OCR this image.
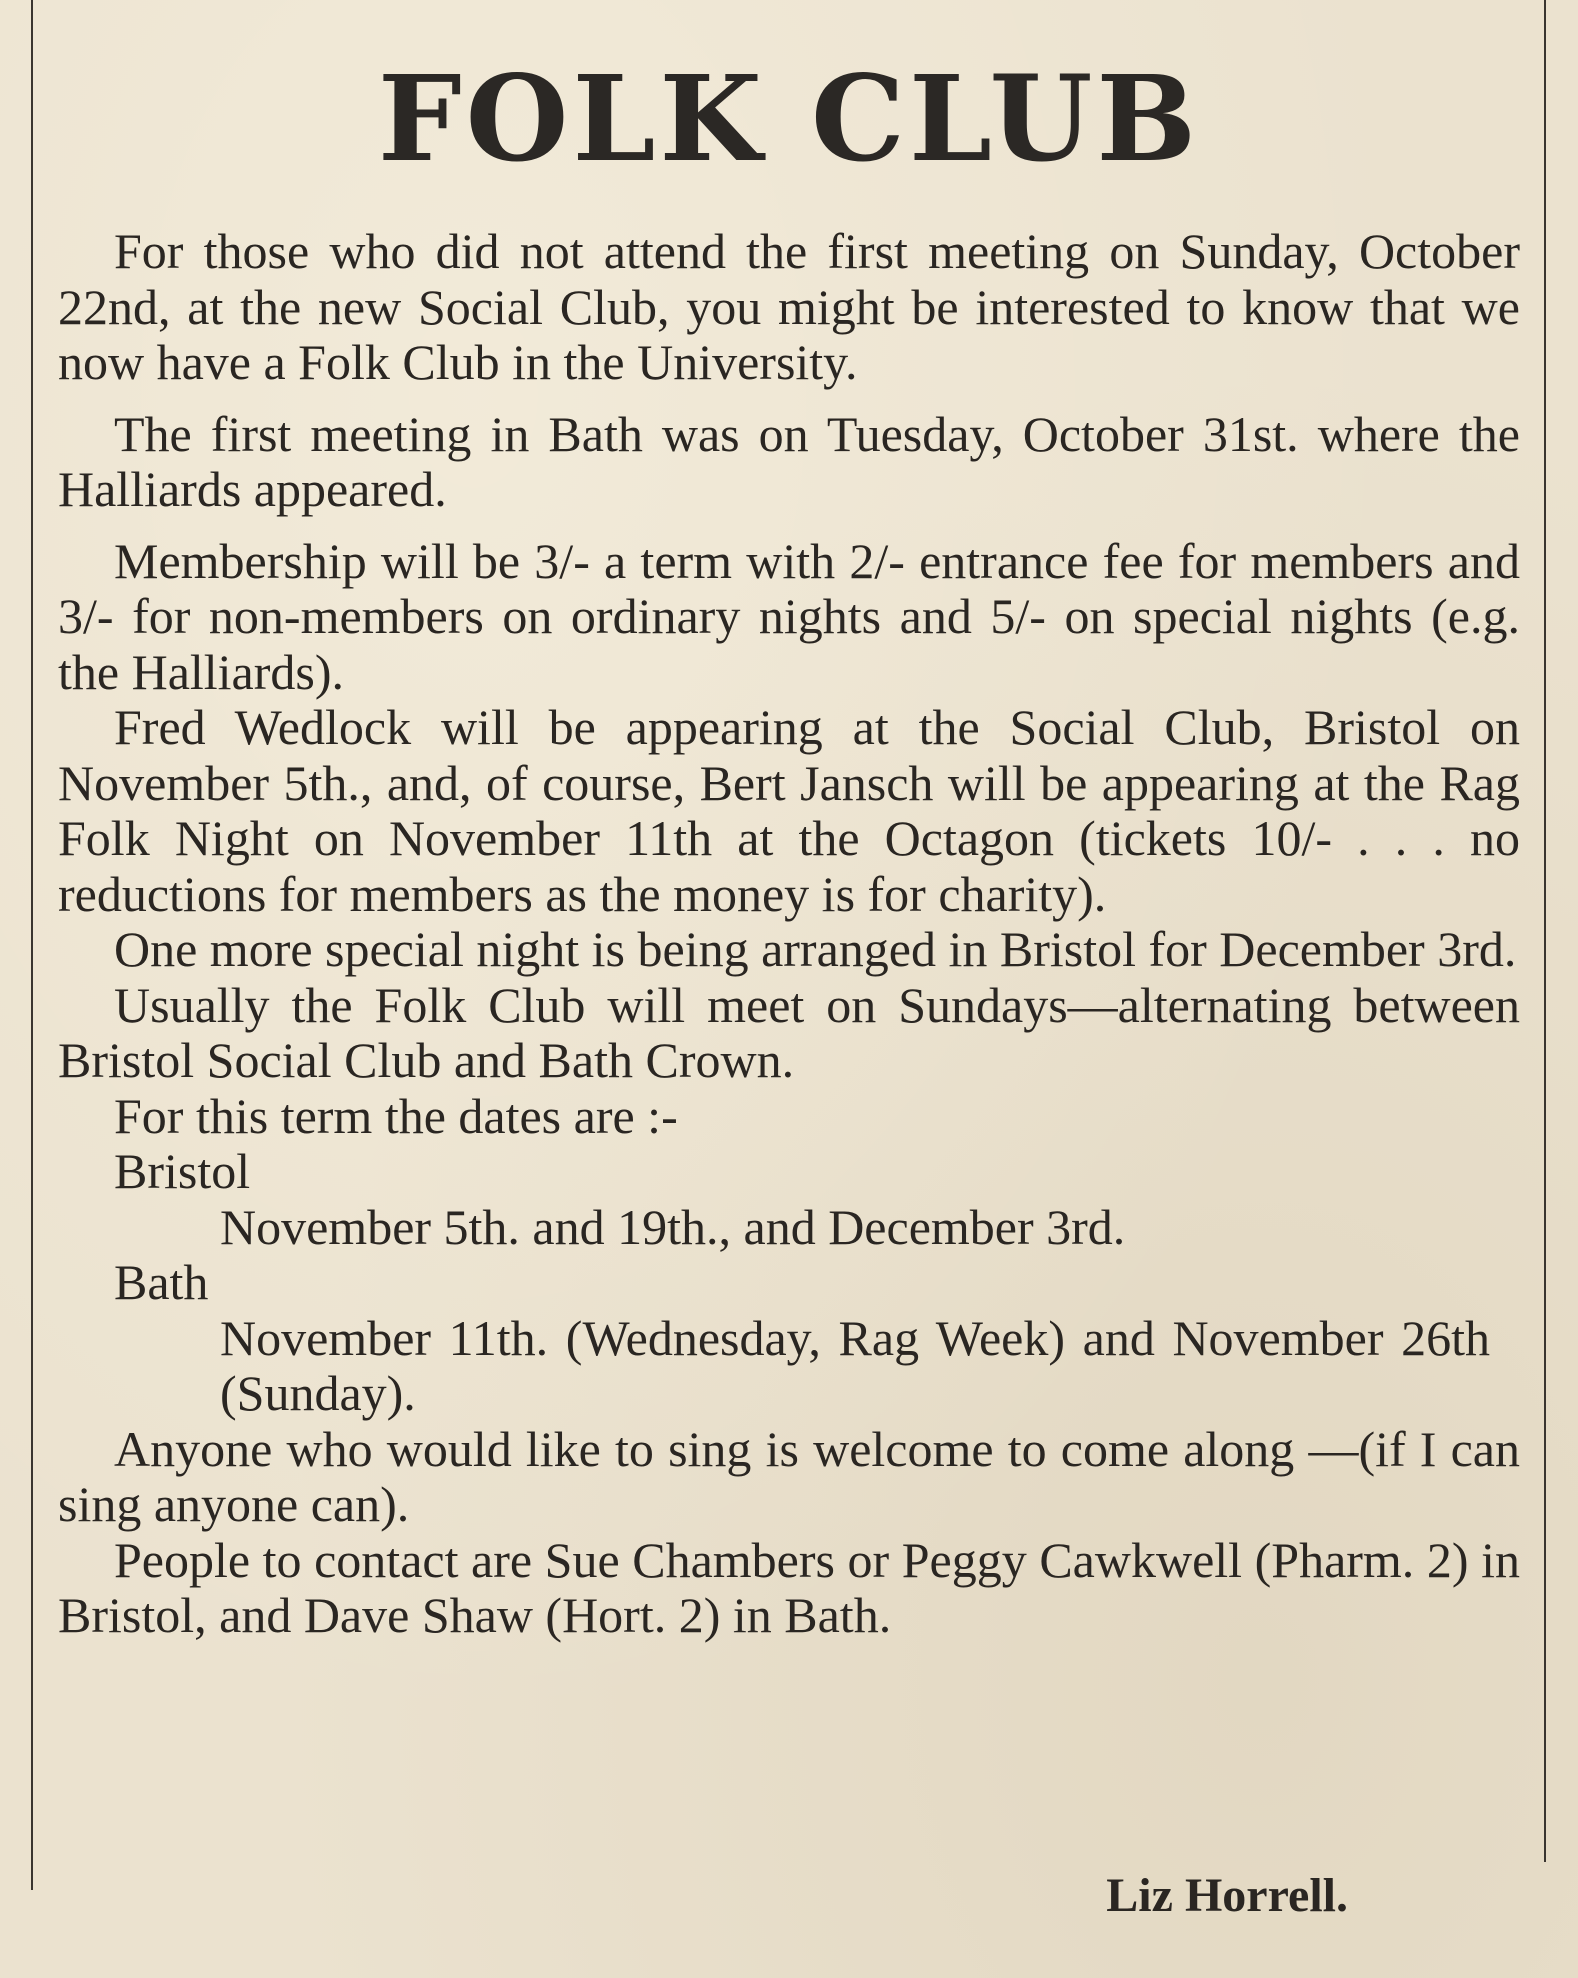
FOLK CLUB

For those who did not attend the first meeting on Sunday, October 22nd, at the new Social Club, you might be interested to know that we now have a Folk Club in the University.

The first meeting in Bath was on Tuesday, October 31st. where the Halliards appeared.

Membership will be 3/- a term with 2/- entrance fee for members and 3/- for non-members on ordinary nights and 5/- on special nights (e.g. the Halliards).

Fred Wedlock will be appearing at the Social Club, Bristol on November 5th., and, of course, Bert Jansch will be appearing at the Rag Folk Night on November 11th at the Octagon (tickets 10/- . . . no reductions for members as the money is for charity).

One more special night is being arranged in Bristol for December 3rd.

Usually the Folk Club will meet on Sundays—alternating between Bristol Social Club and Bath Crown.

For this term the dates are :-

Bristol

November 5th. and 19th., and December 3rd.

Bath

November 11th. (Wednesday, Rag Week) and November 26th (Sunday).

Anyone who would like to sing is welcome to come along —(if I can sing anyone can).

People to contact are Sue Chambers or Peggy Cawkwell (Pharm. 2) in Bristol, and Dave Shaw (Hort. 2) in Bath.

Liz Horrell.
